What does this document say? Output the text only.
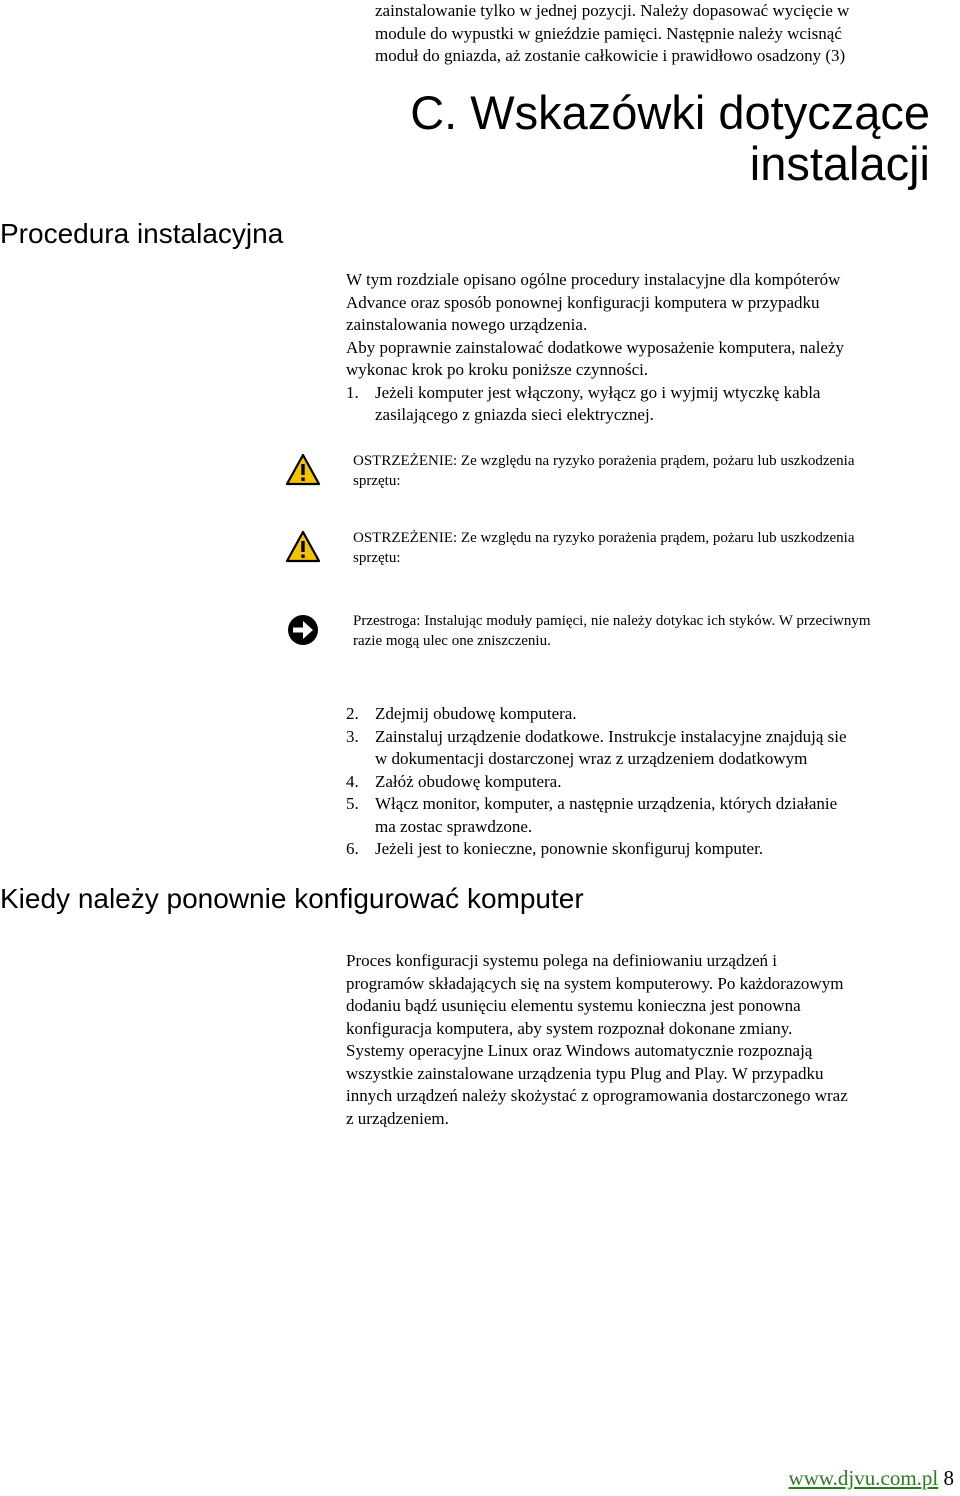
zainstalowanie tylko w jednej pozycji. Należy dopasować wycięcie w
module do wypustki w gnieździe pamięci. Następnie należy wcisnąć
moduł do gniazda, aż zostanie całkowicie i prawidłowo osadzony (3)
C. Wskazówki dotyczące
instalacji
Procedura instalacyjna
W tym rozdziale opisano ogólne procedury instalacyjne dla kompóterów
Advance oraz sposób ponownej konfiguracji komputera w przypadku
zainstalowania nowego urządzenia.
Aby poprawnie zainstalować dodatkowe wyposażenie komputera, należy
wykonac krok po kroku poniższe czynności.
1. Jeżeli komputer jest włączony, wyłącz go i wyjmij wtyczkę kabla
zasilającego z gniazda sieci elektrycznej.
OSTRZEŻENIE: Ze względu na ryzyko porażenia prądem, pożaru lub uszkodzenia
sprzętu:
OSTRZEŻENIE: Ze względu na ryzyko porażenia prądem, pożaru lub uszkodzenia
sprzętu:
Przestroga: Instalując moduły pamięci, nie należy dotykac ich styków. W przeciwnym
razie mogą ulec one zniszczeniu.
2. Zdejmij obudowę komputera.
3. Zainstaluj urządzenie dodatkowe. Instrukcje instalacyjne znajdują sie
w dokumentacji dostarczonej wraz z urządzeniem dodatkowym
4. Załóż obudowę komputera.
5. Włącz monitor, komputer, a następnie urządzenia, których działanie
ma zostac sprawdzone.
6. Jeżeli jest to konieczne, ponownie skonfiguruj komputer.
Kiedy należy ponownie konfigurować komputer
Proces konfiguracji systemu polega na definiowaniu urządzeń i
programów składających się na system komputerowy. Po każdorazowym
dodaniu bądź usunięciu elementu systemu konieczna jest ponowna
konfiguracja komputera, aby system rozpoznał dokonane zmiany.
Systemy operacyjne Linux oraz Windows automatycznie rozpoznają
wszystkie zainstalowane urządzenia typu Plug and Play. W przypadku
innych urządzeń należy skożystać z oprogramowania dostarczonego wraz
z urządzeniem.
www.djvu.com.pl 8
